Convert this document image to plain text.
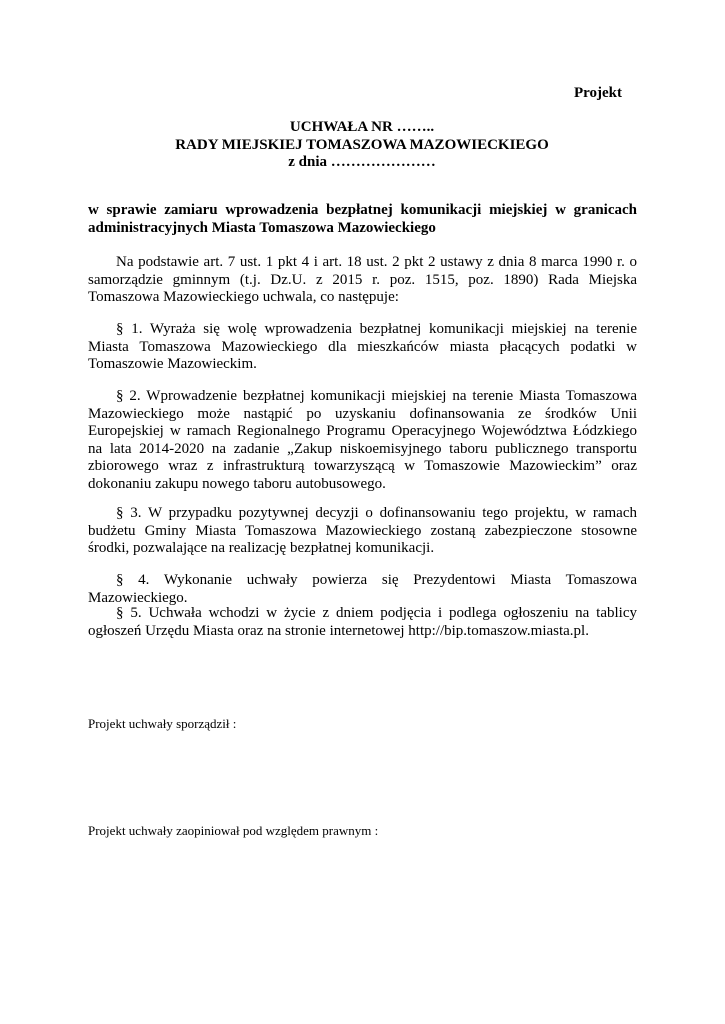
Projekt
UCHWAŁA NR ……..
RADY MIEJSKIEJ TOMASZOWA MAZOWIECKIEGO
z dnia …………………
w sprawie zamiaru wprowadzenia bezpłatnej komunikacji miejskiej w granicach administracyjnych Miasta Tomaszowa Mazowieckiego
Na podstawie art. 7 ust. 1 pkt 4 i art. 18 ust. 2 pkt 2 ustawy z dnia 8 marca 1990 r. o samorządzie gminnym (t.j. Dz.U. z 2015 r. poz. 1515, poz. 1890) Rada Miejska Tomaszowa Mazowieckiego uchwala, co następuje:
§ 1. Wyraża się wolę wprowadzenia bezpłatnej komunikacji miejskiej na terenie Miasta Tomaszowa Mazowieckiego dla mieszkańców miasta płacących podatki w Tomaszowie Mazowieckim.
§ 2. Wprowadzenie bezpłatnej komunikacji miejskiej na terenie Miasta Tomaszowa Mazowieckiego może nastąpić po uzyskaniu dofinansowania ze środków Unii Europejskiej w ramach Regionalnego Programu Operacyjnego Województwa Łódzkiego na lata 2014-2020 na zadanie „Zakup niskoemisyjnego taboru publicznego transportu zbiorowego wraz z infrastrukturą towarzyszącą w Tomaszowie Mazowieckim” oraz dokonaniu zakupu nowego taboru autobusowego.
§ 3. W przypadku pozytywnej decyzji o dofinansowaniu tego projektu, w ramach budżetu Gminy Miasta Tomaszowa Mazowieckiego zostaną zabezpieczone stosowne środki, pozwalające na realizację bezpłatnej komunikacji.
§ 4. Wykonanie uchwały powierza się Prezydentowi Miasta Tomaszowa Mazowieckiego.
§ 5. Uchwała wchodzi w życie z dniem podjęcia i podlega ogłoszeniu na tablicy ogłoszeń Urzędu Miasta oraz na stronie internetowej http://bip.tomaszow.miasta.pl.
Projekt uchwały sporządził :
Projekt uchwały zaopiniował pod względem prawnym :
